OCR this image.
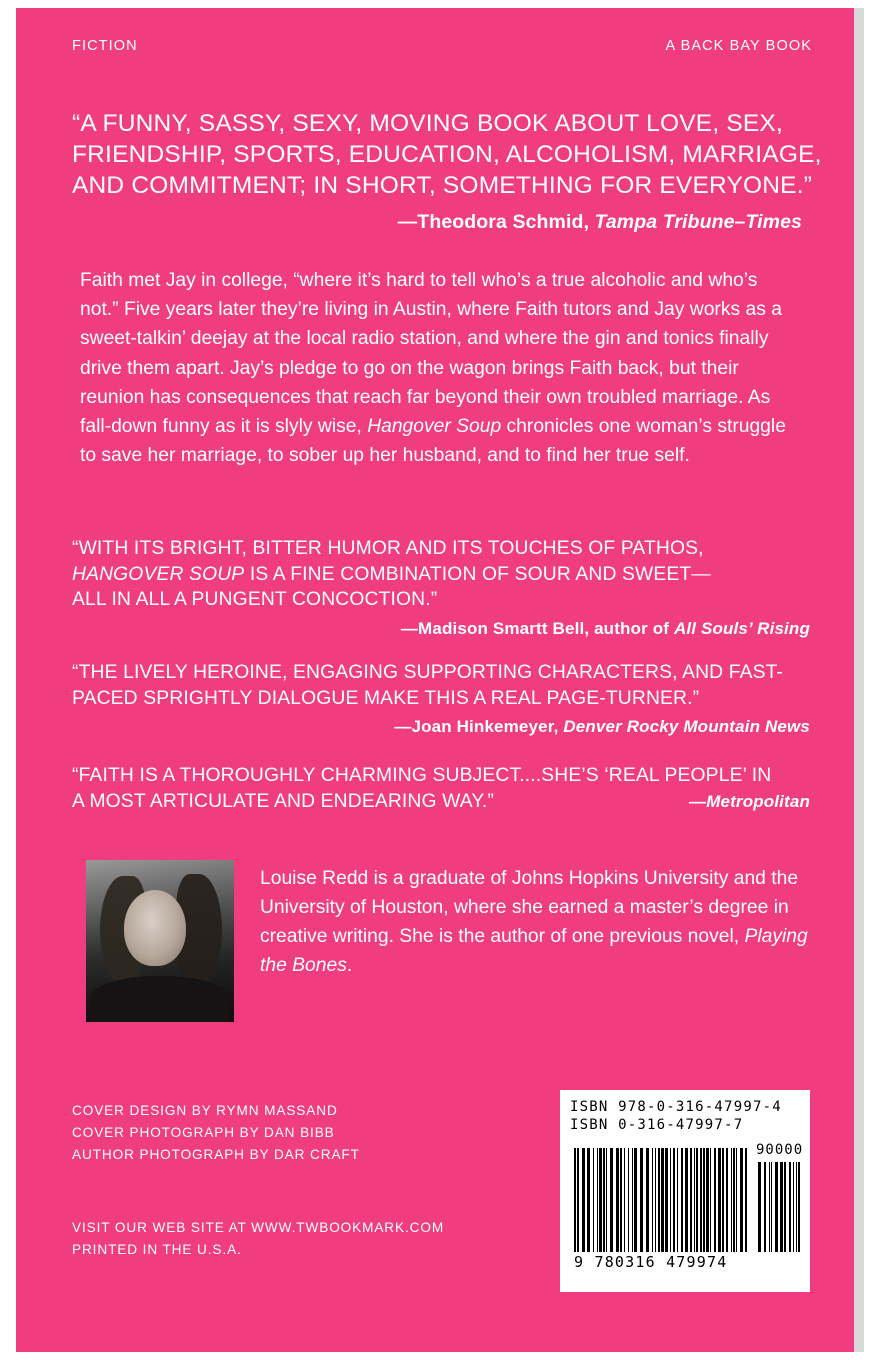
FICTION	A BACK BAY BOOK
“A FUNNY, SASSY, SEXY, MOVING BOOK ABOUT LOVE, SEX,
FRIENDSHIP, SPORTS, EDUCATION, ALCOHOLISM, MARRIAGE,
AND COMMITMENT; IN SHORT, SOMETHING FOR EVERYONE.”
—Theodora Schmid, Tampa Tribune–Times
Faith met Jay in college, “where it’s hard to tell who’s a true alcoholic and who’s not.” Five years later they’re living in Austin, where Faith tutors and Jay works as a sweet-talkin’ deejay at the local radio station, and where the gin and tonics finally drive them apart. Jay’s pledge to go on the wagon brings Faith back, but their reunion has consequences that reach far beyond their own troubled marriage. As fall-down funny as it is slyly wise, Hangover Soup chronicles one woman’s struggle to save her marriage, to sober up her husband, and to find her true self.
“WITH ITS BRIGHT, BITTER HUMOR AND ITS TOUCHES OF PATHOS,
HANGOVER SOUP IS A FINE COMBINATION OF SOUR AND SWEET—
ALL IN ALL A PUNGENT CONCOCTION.”
—Madison Smartt Bell, author of All Souls’ Rising
“THE LIVELY HEROINE, ENGAGING SUPPORTING CHARACTERS, AND FAST-
PACED SPRIGHTLY DIALOGUE MAKE THIS A REAL PAGE-TURNER.”
—Joan Hinkemeyer, Denver Rocky Mountain News
“FAITH IS A THOROUGHLY CHARMING SUBJECT....SHE’S ‘REAL PEOPLE’ IN
A MOST ARTICULATE AND ENDEARING WAY.”	—Metropolitan
Louise Redd is a graduate of Johns Hopkins University and the University of Houston, where she earned a master’s degree in creative writing. She is the author of one previous novel, Playing the Bones.
COVER DESIGN BY RYMN MASSAND
COVER PHOTOGRAPH BY DAN BIBB
AUTHOR PHOTOGRAPH BY DAR CRAFT
VISIT OUR WEB SITE AT WWW.TWBOOKMARK.COM
PRINTED IN THE U.S.A.
ISBN 978-0-316-47997-4
ISBN 0-316-47997-7
90000
9 780316 479974
